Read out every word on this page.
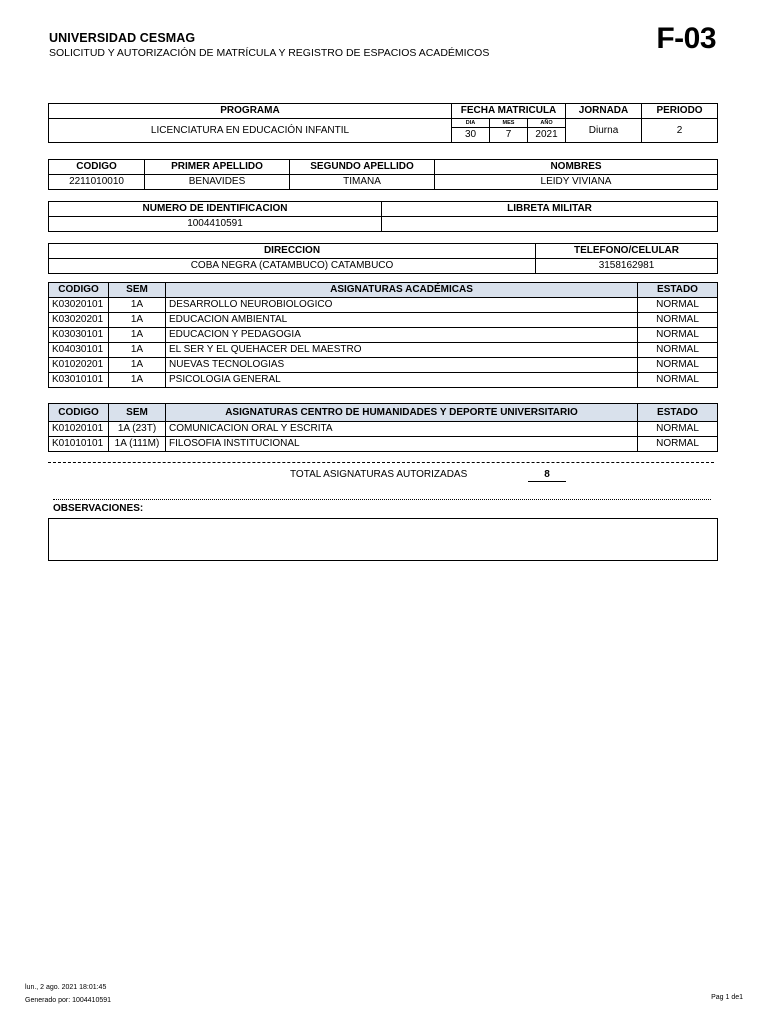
UNIVERSIDAD CESMAG
SOLICITUD Y AUTORIZACIÓN DE MATRÍCULA Y REGISTRO DE ESPACIOS ACADÉMICOS	F-03
PROGRAMA	FECHA MATRICULA			JORNADA	PERIODO
LICENCIATURA EN EDUCACIÓN INFANTIL	DIA	MES	AÑO	Diurna	2
	30	7	2021		
CODIGO	PRIMER APELLIDO	SEGUNDO APELLIDO	NOMBRES
2211010010	BENAVIDES	TIMANA	LEIDY VIVIANA
NUMERO DE IDENTIFICACION	LIBRETA MILITAR
1004410591	
DIRECCION	TELEFONO/CELULAR
COBA NEGRA (CATAMBUCO) CATAMBUCO	3158162981
CODIGO	SEM	ASIGNATURAS ACADÉMICAS	ESTADO
K03020101	1A	DESARROLLO NEUROBIOLOGICO	NORMAL
K03020201	1A	EDUCACION AMBIENTAL	NORMAL
K03030101	1A	EDUCACION Y PEDAGOGIA	NORMAL
K04030101	1A	EL SER Y EL QUEHACER DEL MAESTRO	NORMAL
K01020201	1A	NUEVAS TECNOLOGIAS	NORMAL
K03010101	1A	PSICOLOGIA GENERAL	NORMAL
CODIGO	SEM	ASIGNATURAS CENTRO DE HUMANIDADES Y DEPORTE UNIVERSITARIO	ESTADO
K01020101	1A (23T)	COMUNICACION ORAL Y ESCRITA	NORMAL
K01010101	1A (111M)	FILOSOFIA INSTITUCIONAL	NORMAL
TOTAL ASIGNATURAS AUTORIZADAS	8
OBSERVACIONES:
lun., 2 ago. 2021 18:01:45
Generado por: 1004410591	Pag 1 de1
